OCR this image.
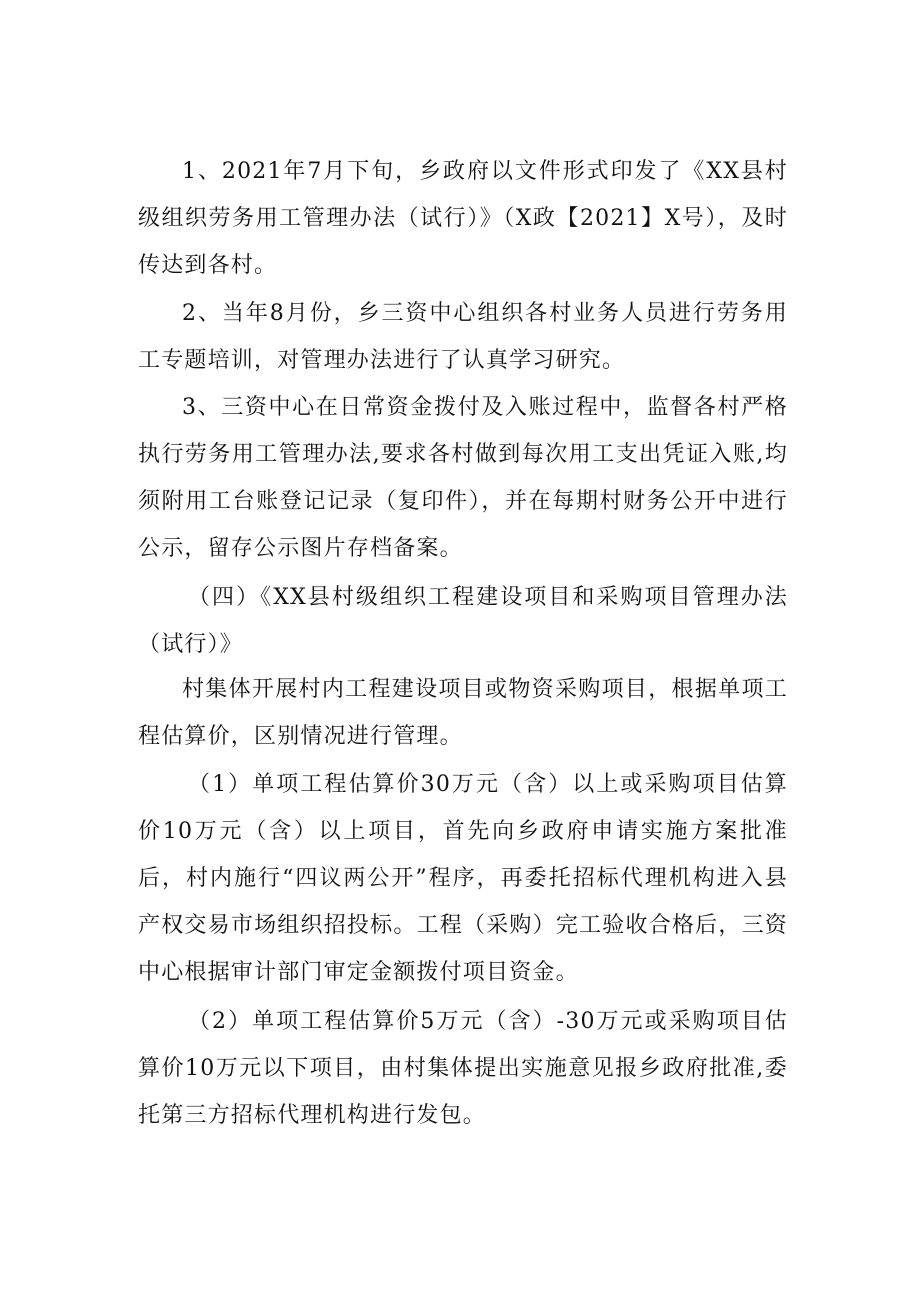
1、2021年7月下旬，乡政府以文件形式印发了《XX县村级组织劳务用工管理办法（试行）》（X政【2021】X号），及时传达到各村。

2、当年8月份，乡三资中心组织各村业务人员进行劳务用工专题培训，对管理办法进行了认真学习研究。

3、三资中心在日常资金拨付及入账过程中，监督各村严格执行劳务用工管理办法,要求各村做到每次用工支出凭证入账,均须附用工台账登记记录（复印件），并在每期村财务公开中进行公示，留存公示图片存档备案。

（四）《XX县村级组织工程建设项目和采购项目管理办法（试行）》

村集体开展村内工程建设项目或物资采购项目，根据单项工程估算价，区别情况进行管理。

（1）单项工程估算价30万元（含）以上或采购项目估算价10万元（含）以上项目，首先向乡政府申请实施方案批准后，村内施行“四议两公开”程序，再委托招标代理机构进入县产权交易市场组织招投标。工程（采购）完工验收合格后，三资中心根据审计部门审定金额拨付项目资金。

（2）单项工程估算价5万元（含）-30万元或采购项目估算价10万元以下项目，由村集体提出实施意见报乡政府批准,委托第三方招标代理机构进行发包。
